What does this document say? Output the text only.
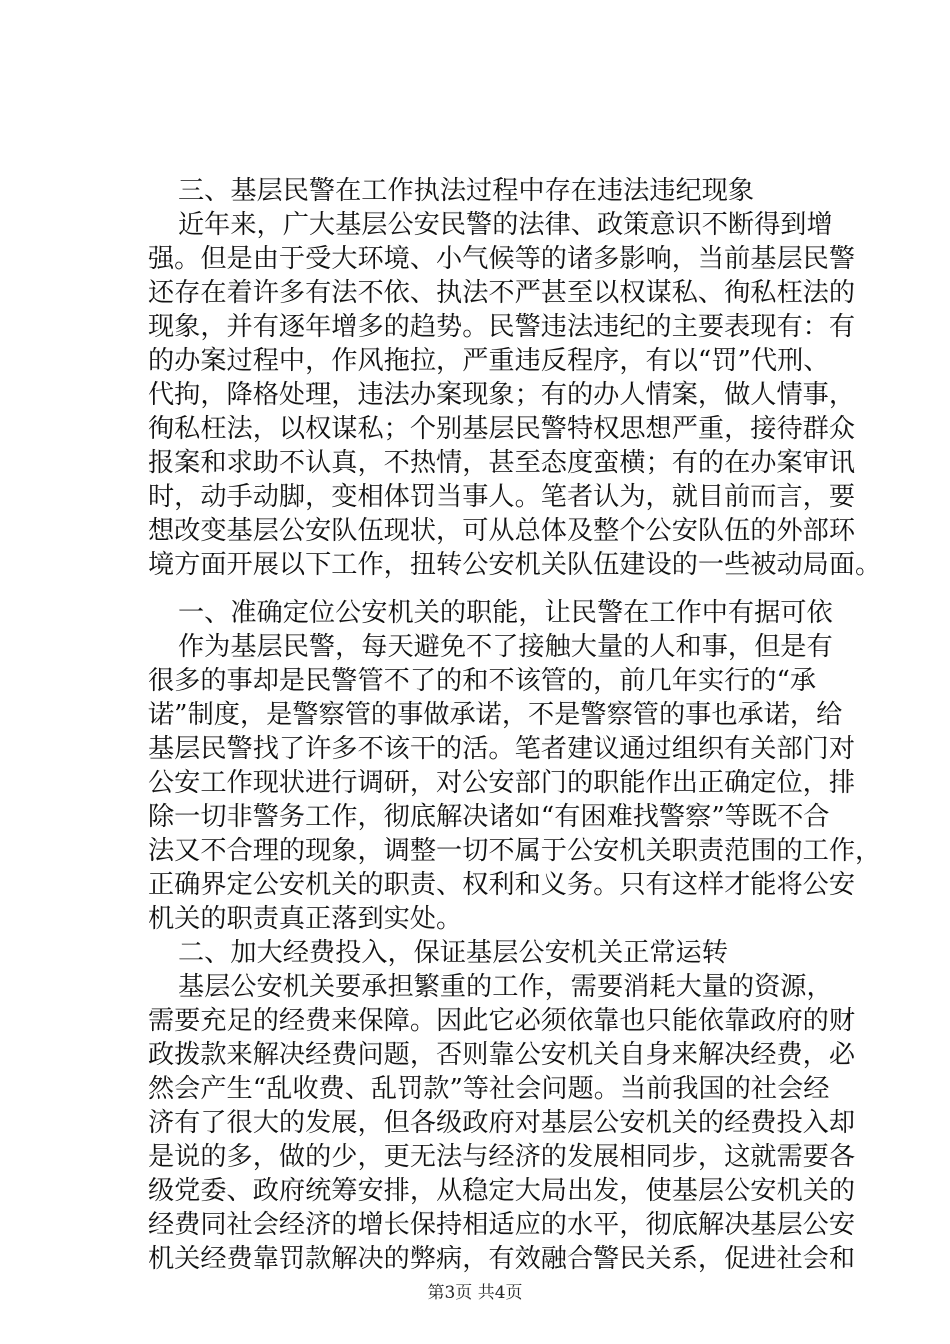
三、基层民警在工作执法过程中存在违法违纪现象
近年来，广大基层公安民警的法律、政策意识不断得到增
强。但是由于受大环境、小气候等的诸多影响，当前基层民警
还存在着许多有法不依、执法不严甚至以权谋私、徇私枉法的
现象，并有逐年增多的趋势。民警违法违纪的主要表现有：有
的办案过程中，作风拖拉，严重违反程序，有以“罚”代刑、
代拘，降格处理，违法办案现象；有的办人情案，做人情事，
徇私枉法，以权谋私；个别基层民警特权思想严重，接待群众
报案和求助不认真，不热情，甚至态度蛮横；有的在办案审讯
时，动手动脚，变相体罚当事人。笔者认为，就目前而言，要
想改变基层公安队伍现状，可从总体及整个公安队伍的外部环
境方面开展以下工作，扭转公安机关队伍建设的一些被动局面。
一、准确定位公安机关的职能，让民警在工作中有据可依
作为基层民警，每天避免不了接触大量的人和事，但是有
很多的事却是民警管不了的和不该管的，前几年实行的“承
诺”制度，是警察管的事做承诺，不是警察管的事也承诺，给
基层民警找了许多不该干的活。笔者建议通过组织有关部门对
公安工作现状进行调研，对公安部门的职能作出正确定位，排
除一切非警务工作，彻底解决诸如“有困难找警察”等既不合
法又不合理的现象，调整一切不属于公安机关职责范围的工作，
正确界定公安机关的职责、权利和义务。只有这样才能将公安
机关的职责真正落到实处。
二、加大经费投入，保证基层公安机关正常运转
基层公安机关要承担繁重的工作，需要消耗大量的资源，
需要充足的经费来保障。因此它必须依靠也只能依靠政府的财
政拨款来解决经费问题，否则靠公安机关自身来解决经费，必
然会产生“乱收费、乱罚款”等社会问题。当前我国的社会经
济有了很大的发展，但各级政府对基层公安机关的经费投入却
是说的多，做的少，更无法与经济的发展相同步，这就需要各
级党委、政府统筹安排，从稳定大局出发，使基层公安机关的
经费同社会经济的增长保持相适应的水平，彻底解决基层公安
机关经费靠罚款解决的弊病，有效融合警民关系，促进社会和
第3页 共4页
